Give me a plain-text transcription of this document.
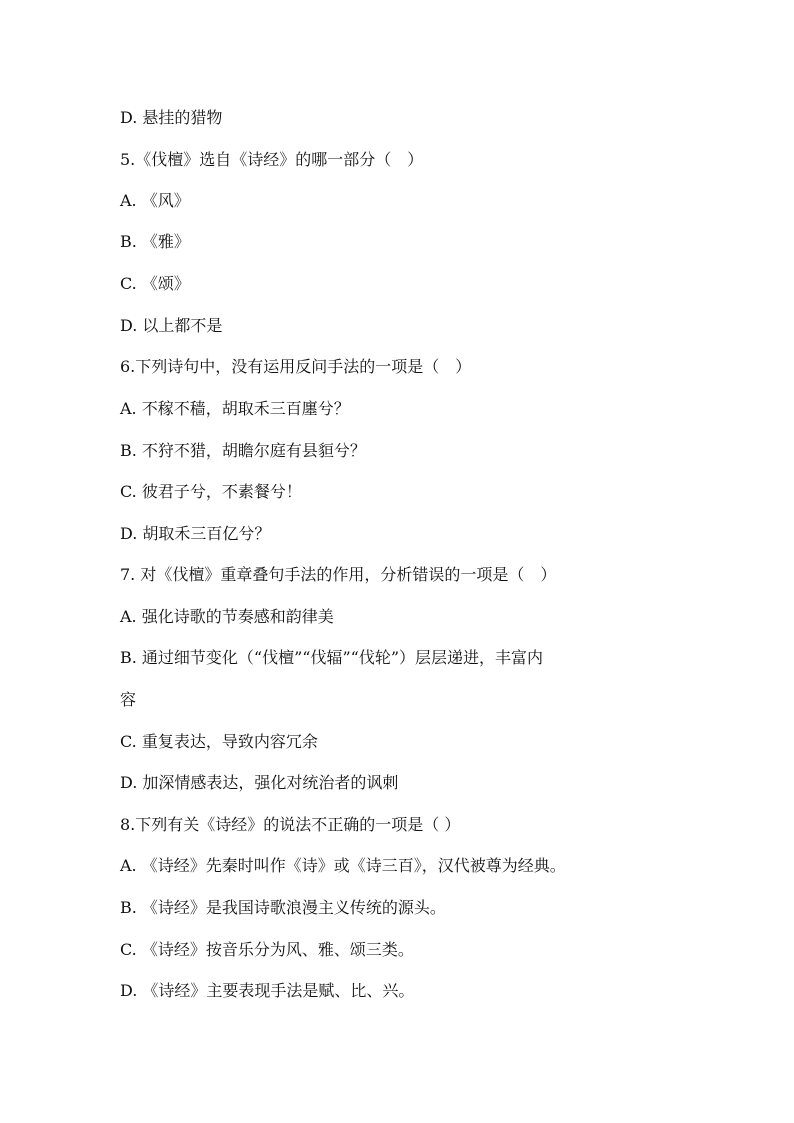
D. 悬挂的猎物
5.《伐檀》选自《诗经》的哪一部分（　）
A. 《风》
B. 《雅》
C. 《颂》
D. 以上都不是
6.下列诗句中，没有运用反问手法的一项是（　）
A. 不稼不穑，胡取禾三百廛兮？
B. 不狩不猎，胡瞻尔庭有县貆兮？
C. 彼君子兮，不素餐兮！
D. 胡取禾三百亿兮？
7. 对《伐檀》重章叠句手法的作用，分析错误的一项是（　）
A. 强化诗歌的节奏感和韵律美
B. 通过细节变化（“伐檀”“伐辐”“伐轮”）层层递进，丰富内
容
C. 重复表达，导致内容冗余
D. 加深情感表达，强化对统治者的讽刺
8.下列有关《诗经》的说法不正确的一项是（ ）
A. 《诗经》先秦时叫作《诗》或《诗三百》，汉代被尊为经典。
B. 《诗经》是我国诗歌浪漫主义传统的源头。
C. 《诗经》按音乐分为风、雅、颂三类。
D. 《诗经》主要表现手法是赋、比、兴。
